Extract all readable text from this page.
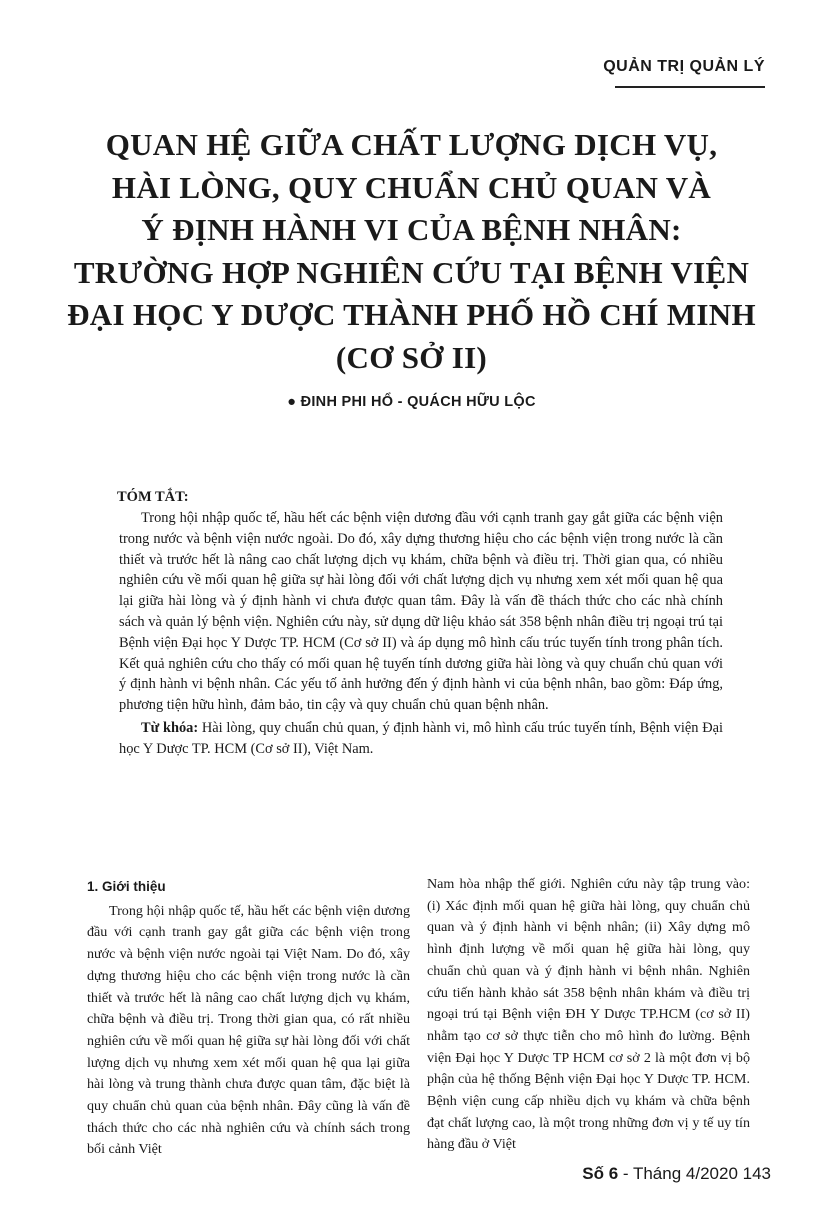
QUẢN TRỊ QUẢN LÝ
QUAN HỆ GIỮA CHẤT LƯỢNG DỊCH VỤ,
HÀI LÒNG, QUY CHUẨN CHỦ QUAN VÀ
Ý ĐỊNH HÀNH VI CỦA BỆNH NHÂN:
TRƯỜNG HỢP NGHIÊN CỨU TẠI BỆNH VIỆN
ĐẠI HỌC Y DƯỢC THÀNH PHỐ HỒ CHÍ MINH
(CƠ SỞ II)
● ĐINH PHI HỔ - QUÁCH HỮU LỘC
TÓM TẮT:

Trong hội nhập quốc tế, hầu hết các bệnh viện dương đầu với cạnh tranh gay gắt giữa các bệnh viện trong nước và bệnh viện nước ngoài. Do đó, xây dựng thương hiệu cho các bệnh viện trong nước là cần thiết và trước hết là nâng cao chất lượng dịch vụ khám, chữa bệnh và điều trị. Thời gian qua, có nhiều nghiên cứu về mối quan hệ giữa sự hài lòng đối với chất lượng dịch vụ nhưng xem xét mối quan hệ qua lại giữa hài lòng và ý định hành vi chưa được quan tâm. Đây là vấn đề thách thức cho các nhà chính sách và quản lý bệnh viện. Nghiên cứu này, sử dụng dữ liệu khảo sát 358 bệnh nhân điều trị ngoại trú tại Bệnh viện Đại học Y Dược TP. HCM (Cơ sở II) và áp dụng mô hình cấu trúc tuyến tính trong phân tích. Kết quả nghiên cứu cho thấy có mối quan hệ tuyến tính dương giữa hài lòng và quy chuẩn chủ quan với ý định hành vi bệnh nhân. Các yếu tố ảnh hưởng đến ý định hành vi của bệnh nhân, bao gồm: Đáp ứng, phương tiện hữu hình, đảm bảo, tin cậy và quy chuẩn chủ quan bệnh nhân.

Từ khóa: Hài lòng, quy chuẩn chủ quan, ý định hành vi, mô hình cấu trúc tuyến tính, Bệnh viện Đại học Y Dược TP. HCM (Cơ sở II), Việt Nam.

1. Giới thiệu

Trong hội nhập quốc tế, hầu hết các bệnh viện dương đầu với cạnh tranh gay gắt giữa các bệnh viện trong nước và bệnh viện nước ngoài tại Việt Nam. Do đó, xây dựng thương hiệu cho các bệnh viện trong nước là cần thiết và trước hết là nâng cao chất lượng dịch vụ khám, chữa bệnh và điều trị. Trong thời gian qua, có rất nhiều nghiên cứu về mối quan hệ giữa sự hài lòng đối với chất lượng dịch vụ nhưng xem xét mối quan hệ qua lại giữa hài lòng và trung thành chưa được quan tâm, đặc biệt là quy chuẩn chủ quan của bệnh nhân. Đây cũng là vấn đề thách thức cho các nhà nghiên cứu và chính sách trong bối cảnh Việt

Nam hòa nhập thế giới. Nghiên cứu này tập trung vào: (i) Xác định mối quan hệ giữa hài lòng, quy chuẩn chủ quan và ý định hành vi bệnh nhân; (ii) Xây dựng mô hình định lượng về mối quan hệ giữa hài lòng, quy chuẩn chủ quan và ý định hành vi bệnh nhân. Nghiên cứu tiến hành khảo sát 358 bệnh nhân khám và điều trị ngoại trú tại Bệnh viện ĐH Y Dược TP.HCM (cơ sở II) nhằm tạo cơ sở thực tiễn cho mô hình đo lường. Bệnh viện Đại học Y Dược TP HCM cơ sở 2 là một đơn vị bộ phận của hệ thống Bệnh viện Đại học Y Dược TP. HCM. Bệnh viện cung cấp nhiều dịch vụ khám và chữa bệnh đạt chất lượng cao, là một trong những đơn vị y tế uy tín hàng đầu ở Việt

Số 6 - Tháng 4/2020 143
